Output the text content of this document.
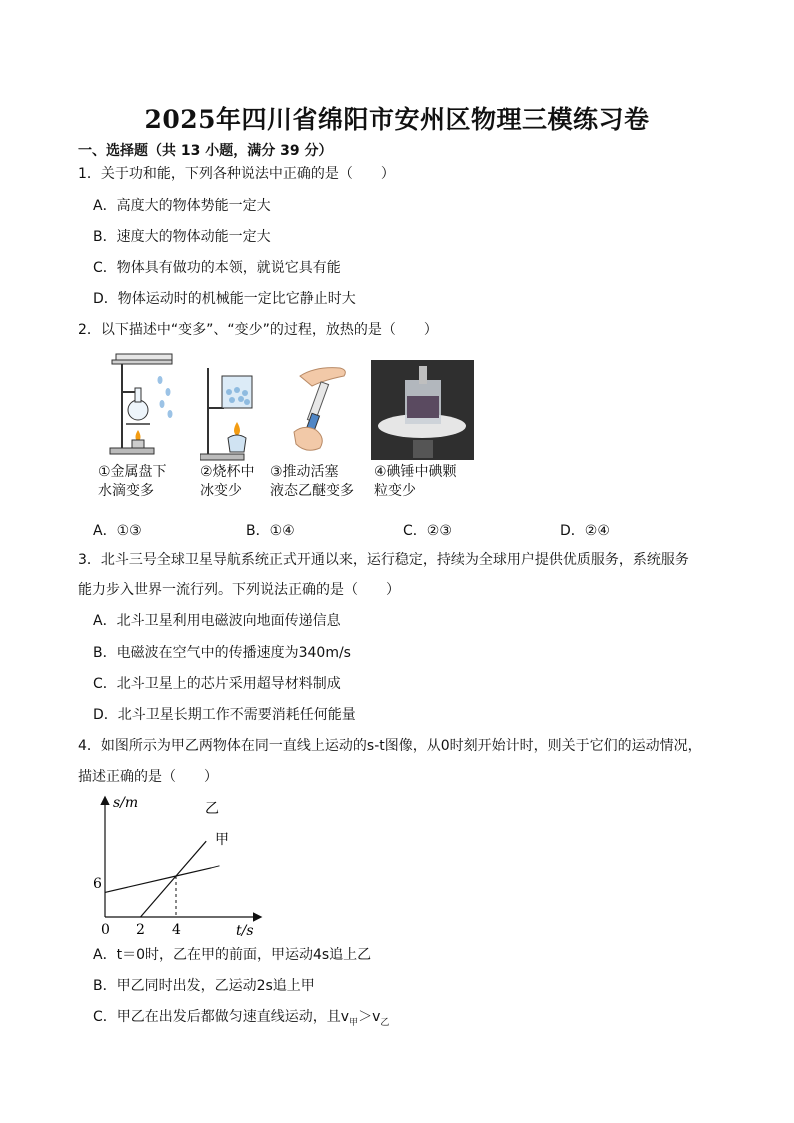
2025年四川省绵阳市安州区物理三模练习卷
一、选择题（共 13 小题，满分 39 分）
1．关于功和能，下列各种说法中正确的是（　　）
A．高度大的物体势能一定大
B．速度大的物体动能一定大
C．物体具有做功的本领，就说它具有能
D．物体运动时的机械能一定比它静止时大
2．以下描述中“变多”、“变少”的过程，放热的是（　　）
①金属盘下
水滴变多
②烧杯中
冰变少
③推动活塞
液态乙醚变多
④碘锤中碘颗
粒变少
A．①③	B．①④	C．②③	D．②④
3．北斗三号全球卫星导航系统正式开通以来，运行稳定，持续为全球用户提供优质服务，系统服务
能力步入世界一流行列。下列说法正确的是（　　）
A．北斗卫星利用电磁波向地面传递信息
B．电磁波在空气中的传播速度为340m/s
C．北斗卫星上的芯片采用超导材料制成
D．北斗卫星长期工作不需要消耗任何能量
4．如图所示为甲乙两物体在同一直线上运动的s-t图像，从0时刻开始计时，则关于它们的运动情况，
描述正确的是（　　）
s/m
t/s
6
0 2 4
乙
甲
A．t＝0时，乙在甲的前面，甲运动4s追上乙
B．甲乙同时出发，乙运动2s追上甲
C．甲乙在出发后都做匀速直线运动，且$v_甲>v_乙$
